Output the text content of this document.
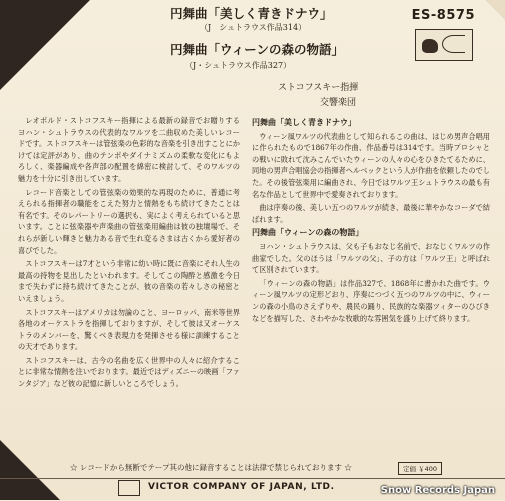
円舞曲「美しく青きドナウ」
（J　シュトラウス作品314）
円舞曲「ウィーンの森の物語」
（J・シュトラウス作品327）
ES-8575
ストコフスキー指揮
交響楽団

レオポルド・ストコフスキー指揮による最新の録音でお贈りするヨハン・シュトラウスの代表的なワルツを二曲収めた美しいレコードです。ストコフスキーは管弦楽の色彩的な音楽を引き出すことにかけては定評があり、曲のテンポやダイナミズムの柔軟な変化にもよろしく、楽器編成や各声部の配置を綿密に検討して、そのワルツの魅力を十分に引き出しています。

レコード音楽としての管弦楽の効果的な再現のために、普通に考えられる指揮者の職能をこえた努力と情熱をもち続けてきたことは有名です。そのレパートリーの選択も、実によく考えられていると思います。ことに弦楽器や声楽曲の管弦楽用編曲は彼の独壇場で、それらが新しい輝きと魅力ある音で生れ変るさまは古くから愛好者の喜びでした。

ストコフスキーは7才という非常に幼い時に既に音楽にそれ人生の最高の持物を見出したといわれます。そしてこの陶酔と感激を今日まで失わずに持ち続けてきたことが、彼の音楽の若々しさの秘密といえましょう。

ストコフスキーはアメリカは勿論のこと、ヨーロッパ、南米等世界各地のオーケストラを指揮しておりますが、そして彼は又オーケストラのメンバーを、驚くべき表現力を発揮させる様に訓練することの天才であります。

ストコフスキーは、古今の名曲を広く世界中の人々に紹介することに非常な情熱を注いでおります。最近ではディズニーの映画「ファンタジア」など彼の記憶に新しいところでしょう。

円舞曲「美しく青きドナウ」

ウィーン風ワルツの代表曲として知られるこの曲は、はじめ男声合唱用に作られたもので1867年の作曲、作品番号は314です。当時プロシャとの戦いに敗れて沈みこんでいたウィーンの人々の心をひきたてるために、同地の男声合唱協会の指揮者ヘルベックという人が作曲を依頼したのでした。その後管弦楽用に編曲され、今日ではワルツ王シュトラウスの最も有名な作品として世界中で愛奏されております。

曲は序奏の後、美しい五つのワルツが続き、最後に華やかなコーダで結ばれます。

円舞曲「ウィーンの森の物語」

ヨハン・シュトラウスは、父も子もおなじ名前で、おなじくワルツの作曲家でした。父のほうは「ワルツの父」、子の方は「ワルツ王」と呼ばれて区別されています。

「ウィーンの森の物語」は作品327で、1868年に書かれた曲です。ウィーン風ワルツの定形どおり、序奏につづく五つのワルツの中に、ウィーンの森の小鳥のさえずりや、農民の踊り、民族的な楽器ツィターのひびきなどを描写した、さわやかな牧歌的な雰囲気を盛り上げて終ります。

☆ レコードから無断でテープ其の他に録音することは法律で禁じられております ☆	定価 ￥400
VICTOR COMPANY OF JAPAN, LTD.	Snow Records Japan
